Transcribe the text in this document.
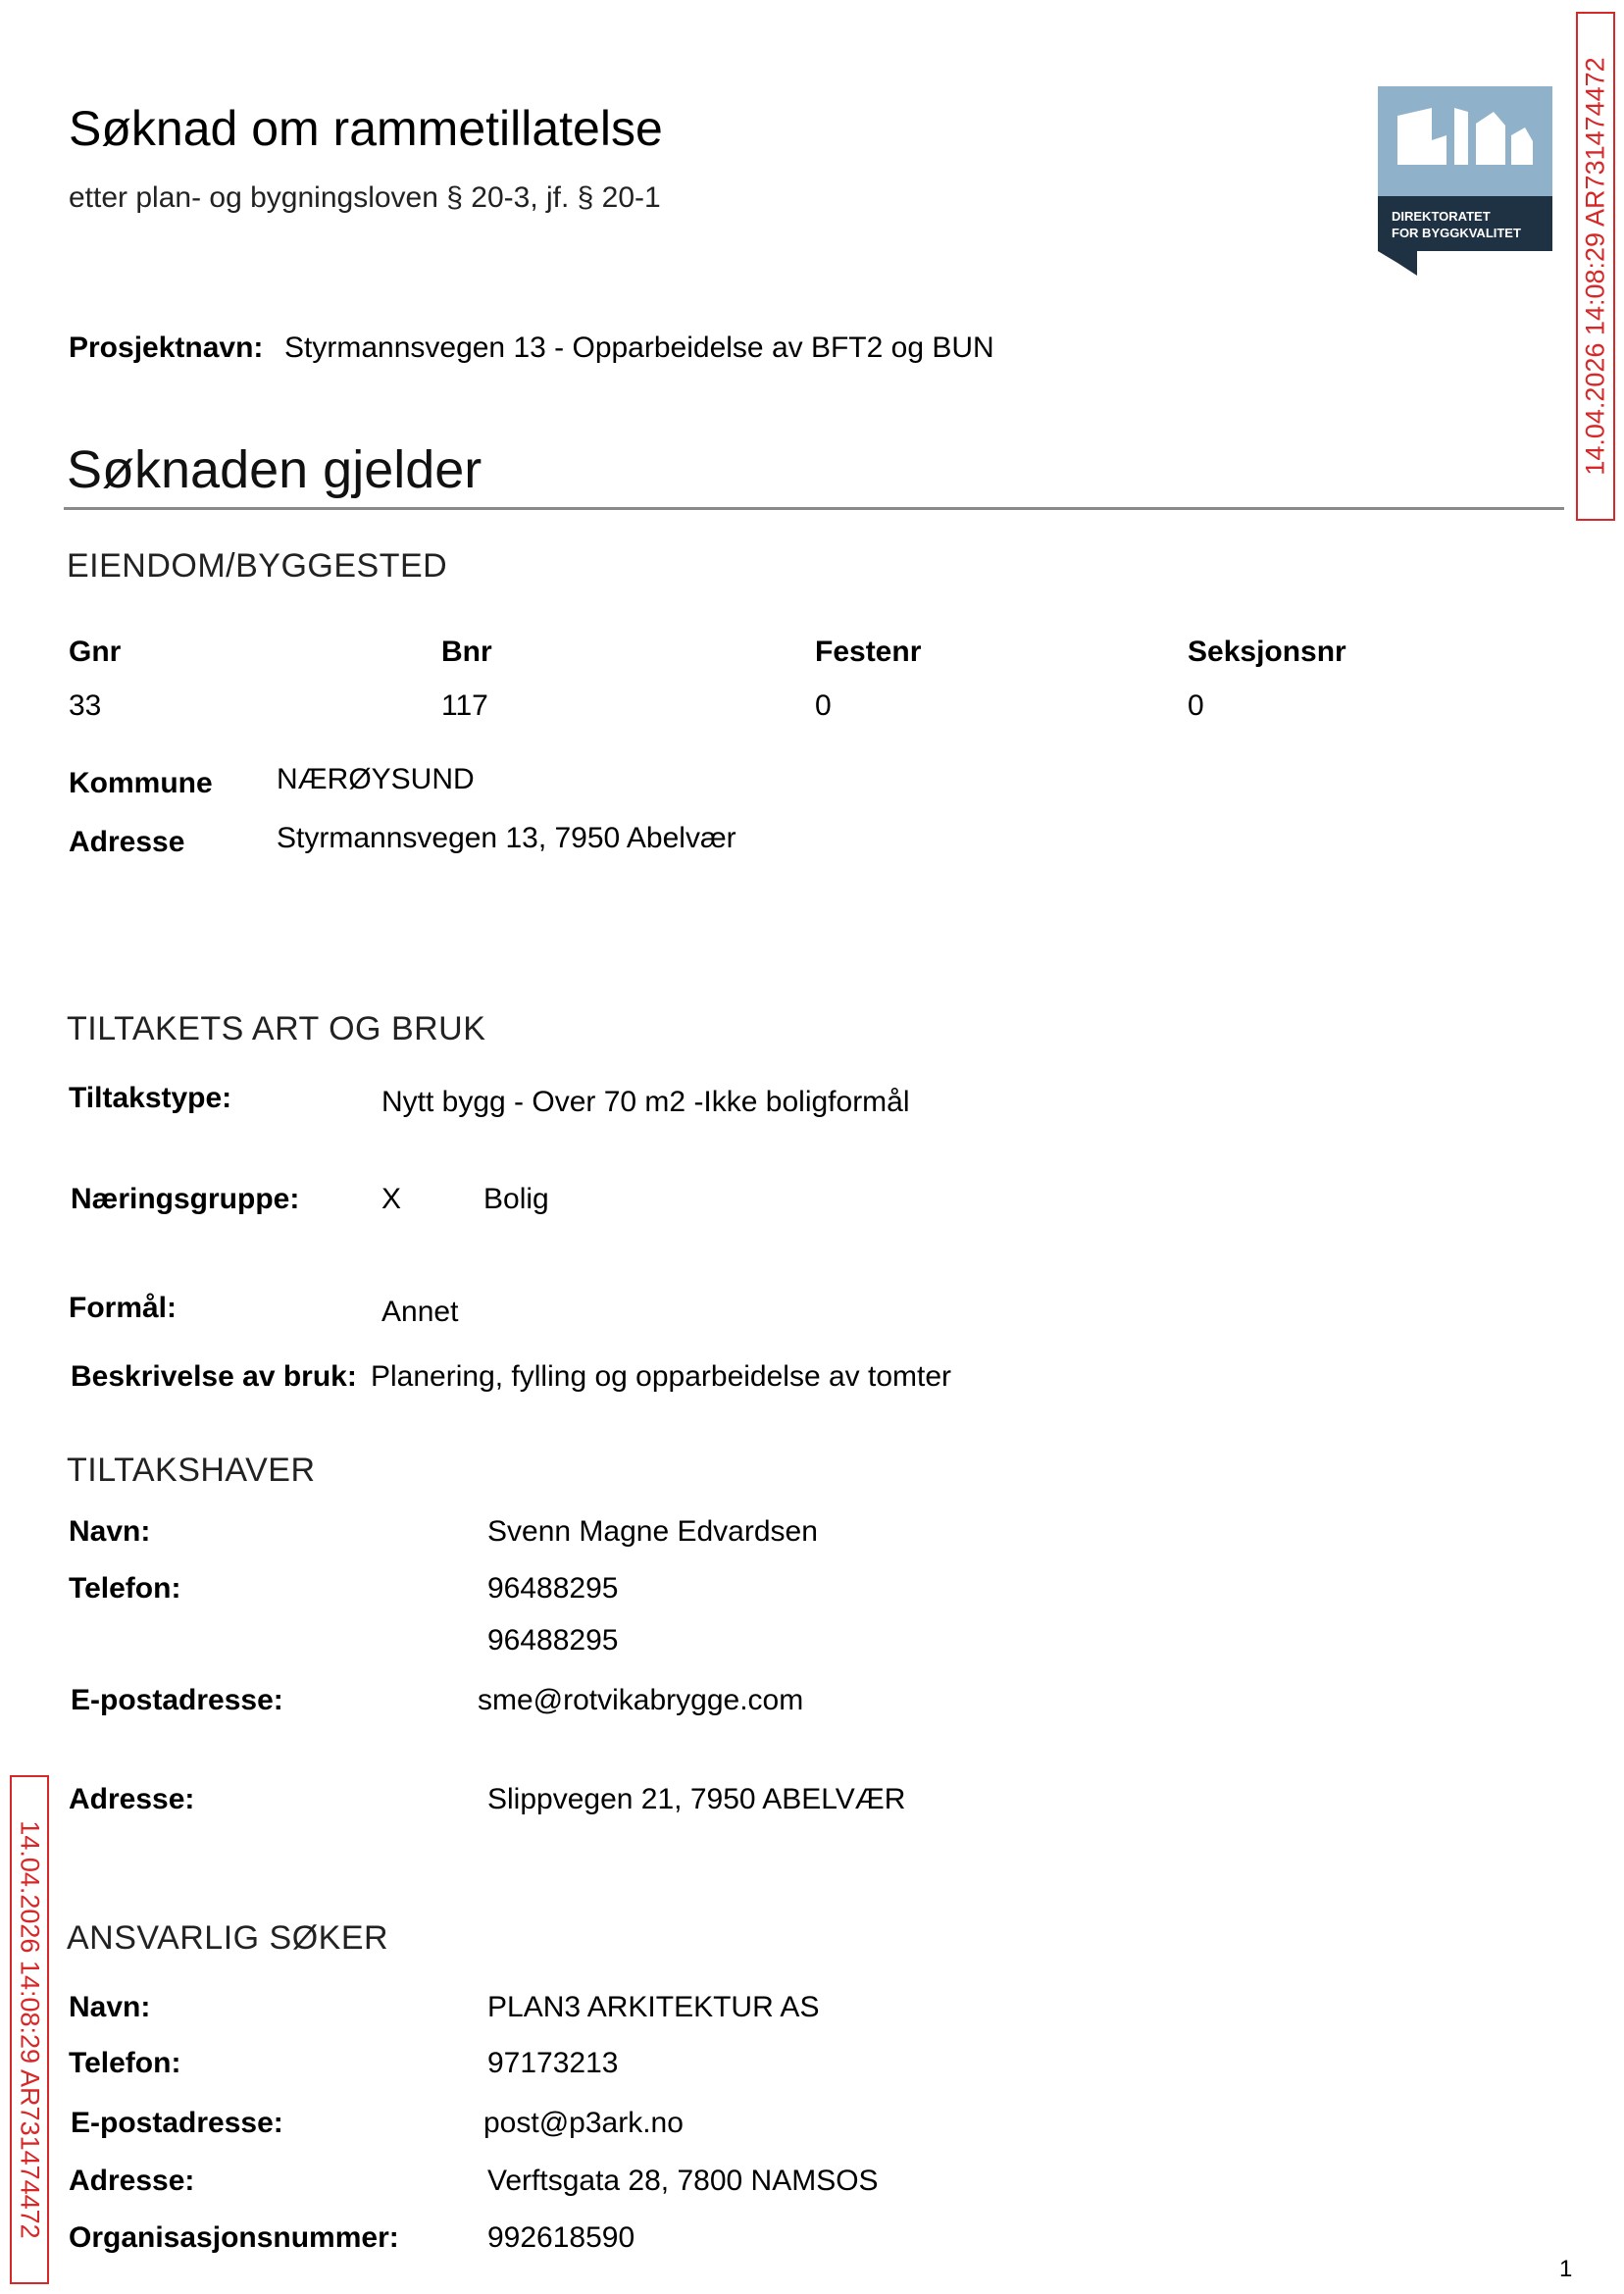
Søknad om rammetillatelse
etter plan- og bygningsloven § 20-3, jf. § 20-1
DIREKTORATET
FOR BYGGKVALITET 14.04.2026 14:08:29 AR731474472
14.04.2026 14:08:29 AR731474472
Prosjektnavn: Styrmannsvegen 13 - Opparbeidelse av BFT2 og BUN
Søknaden gjelder
EIENDOM/BYGGESTED
Gnr	Bnr	Festenr	Seksjonsnr
33	117	0	0
Kommune NÆRØYSUND
Adresse	Styrmannsvegen 13, 7950 Abelvær
TILTAKETS ART OG BRUK
Tiltakstype:	Nytt bygg - Over 70 m2 -Ikke boligformål
Næringsgruppe:	X	Bolig
Formål:	Annet
Beskrivelse av bruk: Planering, fylling og opparbeidelse av tomter
TILTAKSHAVER
Navn:	Svenn Magne Edvardsen
Telefon:	96488295
96488295
E-postadresse:	sme@rotvikabrygge.com
Adresse:	Slippvegen 21, 7950 ABELVÆR
ANSVARLIG SØKER
Navn:	PLAN3 ARKITEKTUR AS
Telefon:	97173213
E-postadresse:	post@p3ark.no
Adresse:	Verftsgata 28, 7800 NAMSOS
Organisasjonsnummer:	992618590
1
